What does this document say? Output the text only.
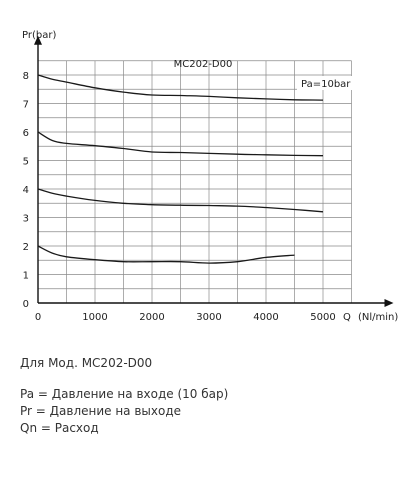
0	1000	2000	3000	4000	5000
0
1
2
3
4
5
6
7
8
MC202-D00
Pr(bar)
Q (Nl/min)
Pa=10bar
Для Мод. MC202-D00
Pa = Давление на входе (10 бар)
Pr = Давление на выходе
Qn = Расход
